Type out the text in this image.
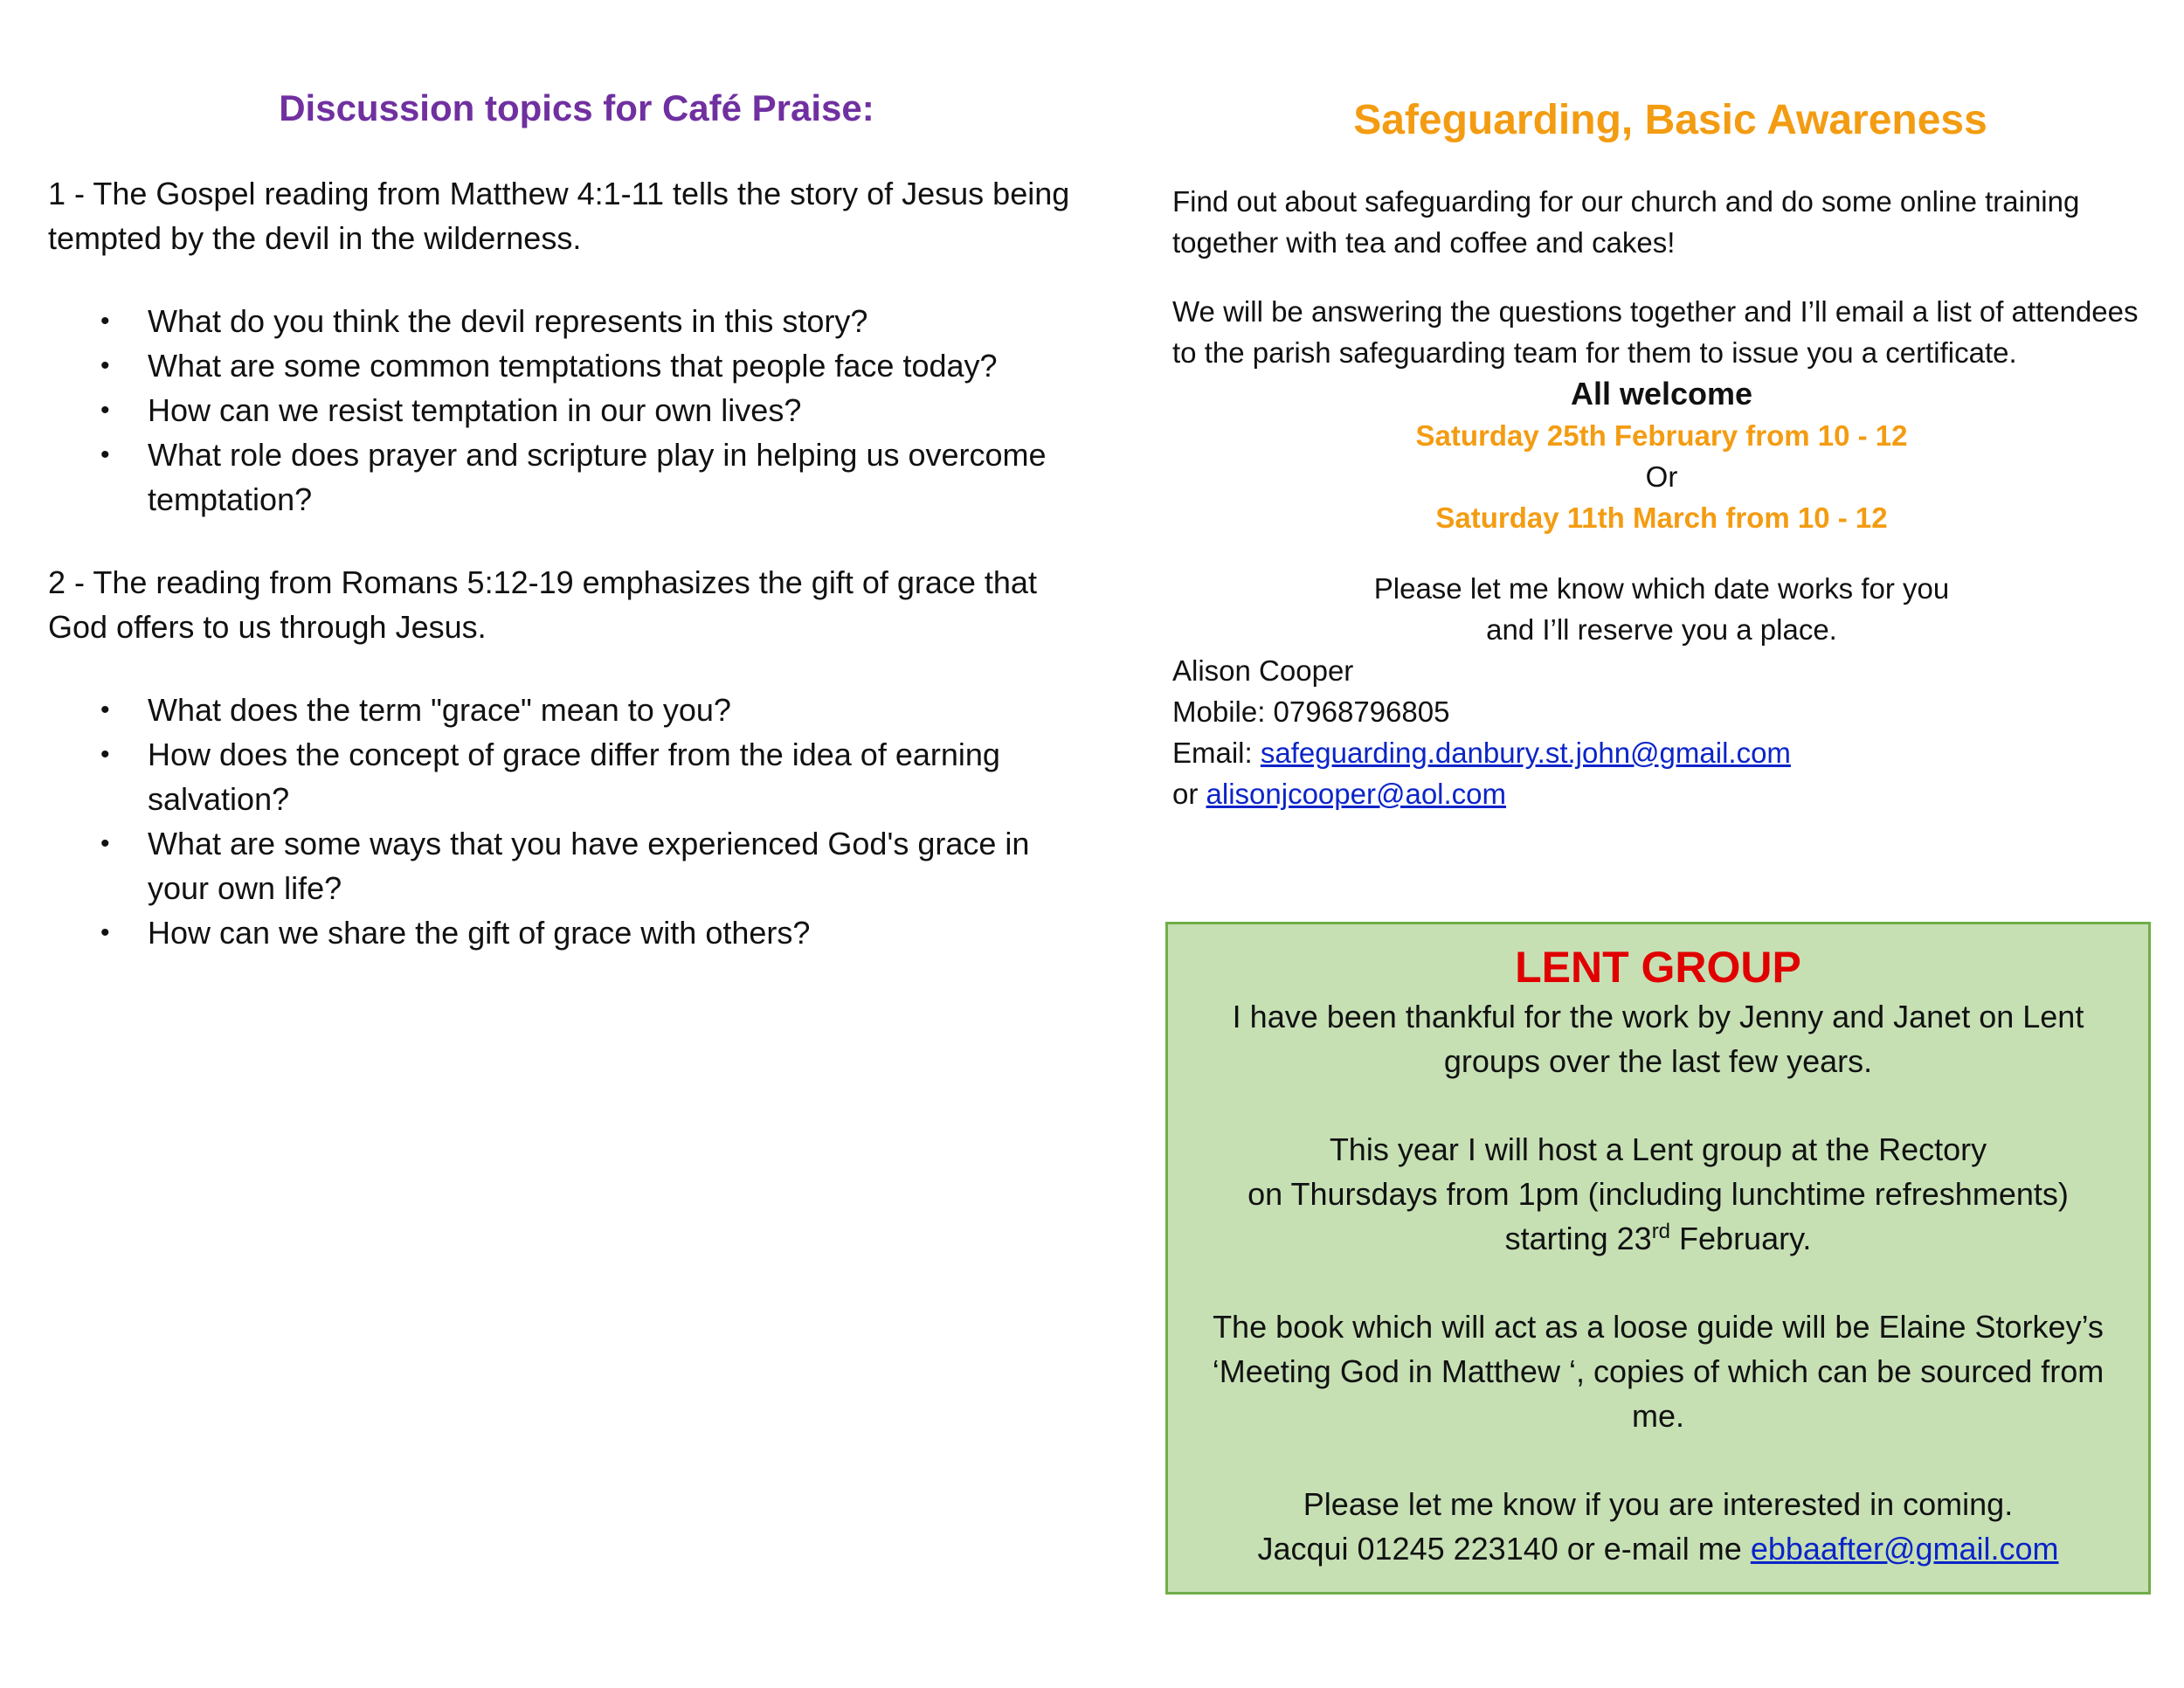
Discussion topics for Café Praise:

1 - The Gospel reading from Matthew 4:1-11 tells the story of Jesus being tempted by the devil in the wilderness.

• What do you think the devil represents in this story?
• What are some common temptations that people face today?
• How can we resist temptation in our own lives?
• What role does prayer and scripture play in helping us overcome temptation?

2 - The reading from Romans 5:12-19 emphasizes the gift of grace that God offers to us through Jesus.

• What does the term "grace" mean to you?
• How does the concept of grace differ from the idea of earning salvation?
• What are some ways that you have experienced God's grace in your own life?
• How can we share the gift of grace with others?
Safeguarding, Basic Awareness

Find out about safeguarding for our church and do some online training together with tea and coffee and cakes!

We will be answering the questions together and I’ll email a list of attendees to the parish safeguarding team for them to issue you a certificate.

All welcome
Saturday 25th February from 10 - 12
Or
Saturday 11th March from 10 - 12
Please let me know which date works for you
and I’ll reserve you a place.
Alison Cooper
Mobile: 07968796805
Email: safeguarding.danbury.st.john@gmail.com
or alisonjcooper@aol.com
LENT GROUP

I have been thankful for the work by Jenny and Janet on Lent groups over the last few years.

This year I will host a Lent group at the Rectory
on Thursdays from 1pm (including lunchtime refreshments)
starting 23rd February.

The book which will act as a loose guide will be Elaine Storkey’s ‘Meeting God in Matthew ‘, copies of which can be sourced from me.

Please let me know if you are interested in coming.
Jacqui 01245 223140 or e-mail me ebbaafter@gmail.com
